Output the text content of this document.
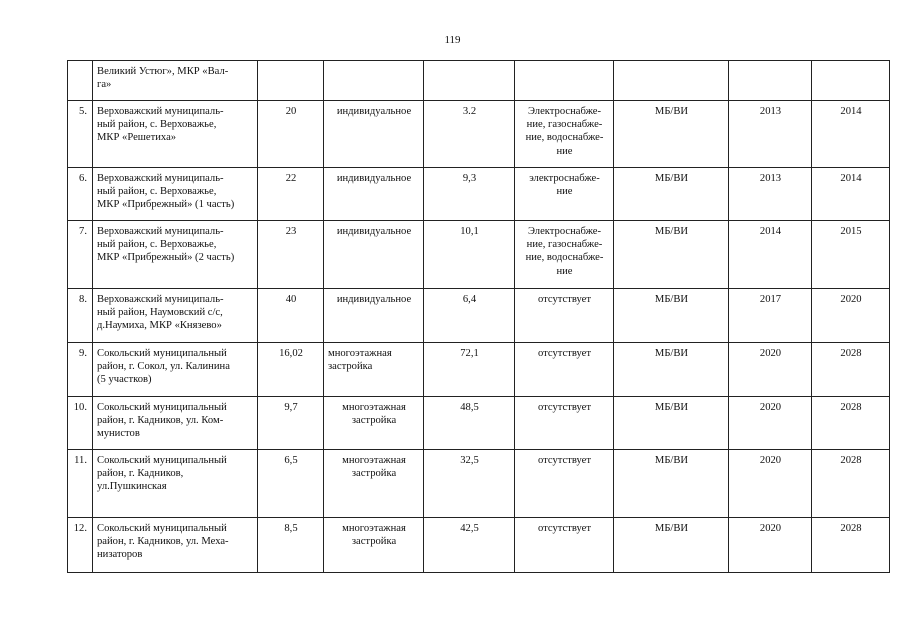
119
	Великий Устюг», МКР «Вал-
га»							
5.	Верховажский муниципаль-
ный район, с. Верховажье,
МКР «Решетиха»	20	индивидуальное	3.2	Электроснабже-
ние, газоснабже-
ние, водоснабже-
ние	МБ/ВИ	2013	2014
6.	Верховажский муниципаль-
ный район, с. Верховажье,
МКР «Прибрежный» (1 часть)	22	индивидуальное	9,3	электроснабже-
ние	МБ/ВИ	2013	2014
7.	Верховажский муниципаль-
ный район, с. Верховажье,
МКР «Прибрежный» (2 часть)	23	индивидуальное	10,1	Электроснабже-
ние, газоснабже-
ние, водоснабже-
ние	МБ/ВИ	2014	2015
8.	Верховажский муниципаль-
ный район, Наумовский с/с,
д.Наумиха, МКР «Князево»	40	индивидуальное	6,4	отсутствует	МБ/ВИ	2017	2020
9.	Сокольский муниципальный
район, г. Сокол, ул. Калинина
(5 участков)	16,02	многоэтажная
застройка	72,1	отсутствует	МБ/ВИ	2020	2028
10.	Сокольский муниципальный
район, г. Кадников, ул. Ком-
мунистов	9,7	многоэтажная
застройка	48,5	отсутствует	МБ/ВИ	2020	2028
11.	Сокольский муниципальный
район, г. Кадников,
ул.Пушкинская	6,5	многоэтажная
застройка	32,5	отсутствует	МБ/ВИ	2020	2028
12.	Сокольский муниципальный
район, г. Кадников, ул. Меха-
низаторов	8,5	многоэтажная
застройка	42,5	отсутствует	МБ/ВИ	2020	2028
